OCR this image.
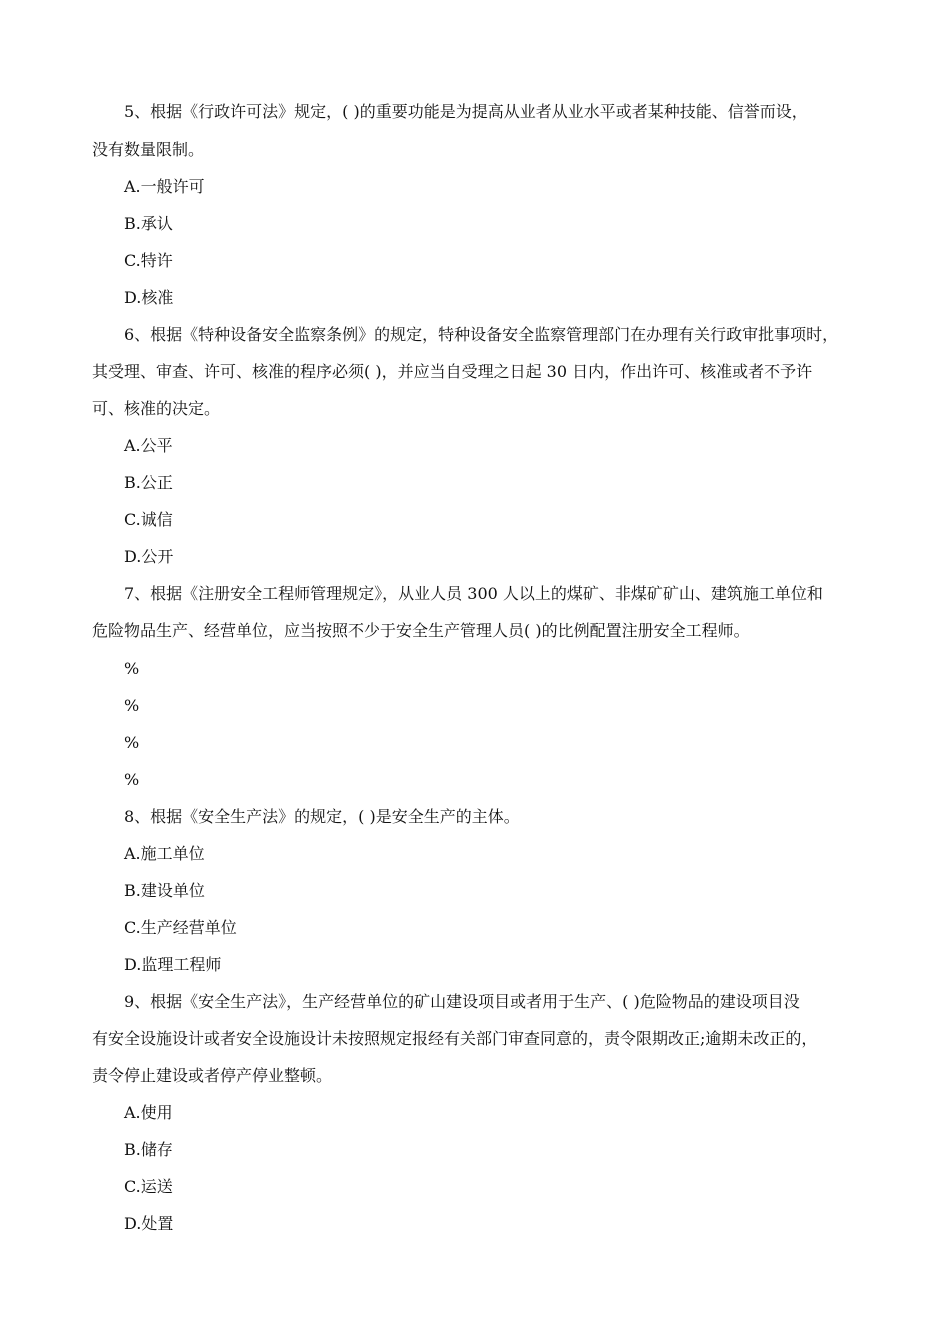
5、根据《行政许可法》规定，( )的重要功能是为提高从业者从业水平或者某种技能、信誉而设，
没有数量限制。
A.一般许可
B.承认
C.特许
D.核准
6、根据《特种设备安全监察条例》的规定，特种设备安全监察管理部门在办理有关行政审批事项时，
其受理、审查、许可、核准的程序必须( )，并应当自受理之日起 30 日内，作出许可、核准或者不予许
可、核准的决定。
A.公平
B.公正
C.诚信
D.公开
7、根据《注册安全工程师管理规定》，从业人员 300 人以上的煤矿、非煤矿矿山、建筑施工单位和
危险物品生产、经营单位，应当按照不少于安全生产管理人员( )的比例配置注册安全工程师。
%
%
%
%
8、根据《安全生产法》的规定，( )是安全生产的主体。
A.施工单位
B.建设单位
C.生产经营单位
D.监理工程师
9、根据《安全生产法》，生产经营单位的矿山建设项目或者用于生产、( )危险物品的建设项目没
有安全设施设计或者安全设施设计未按照规定报经有关部门审查同意的，责令限期改正;逾期未改正的，
责令停止建设或者停产停业整顿。
A.使用
B.储存
C.运送
D.处置
